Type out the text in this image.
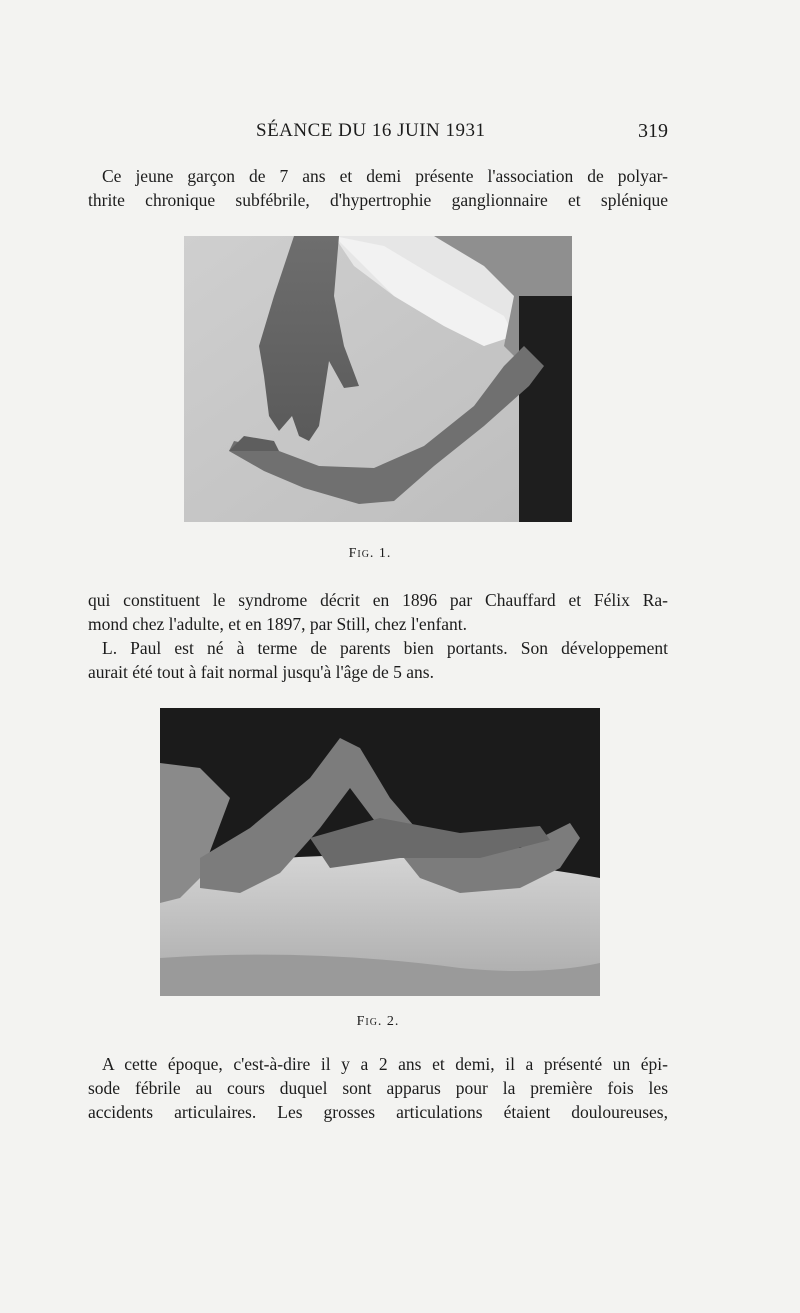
SÉANCE DU 16 JUIN 1931	319
Ce jeune garçon de 7 ans et demi présente l'association de polyar-
thrite chronique subfébrile, d'hypertrophie ganglionnaire et splénique
Fig. 1.
qui constituent le syndrome décrit en 1896 par Chauffard et Félix Ra-
mond chez l'adulte, et en 1897, par Still, chez l'enfant.
L. Paul est né à terme de parents bien portants. Son développement
aurait été tout à fait normal jusqu'à l'âge de 5 ans.
Fig. 2.
A cette époque, c'est-à-dire il y a 2 ans et demi, il a présenté un épi-
sode fébrile au cours duquel sont apparus pour la première fois les
accidents articulaires. Les grosses articulations étaient douloureuses,
